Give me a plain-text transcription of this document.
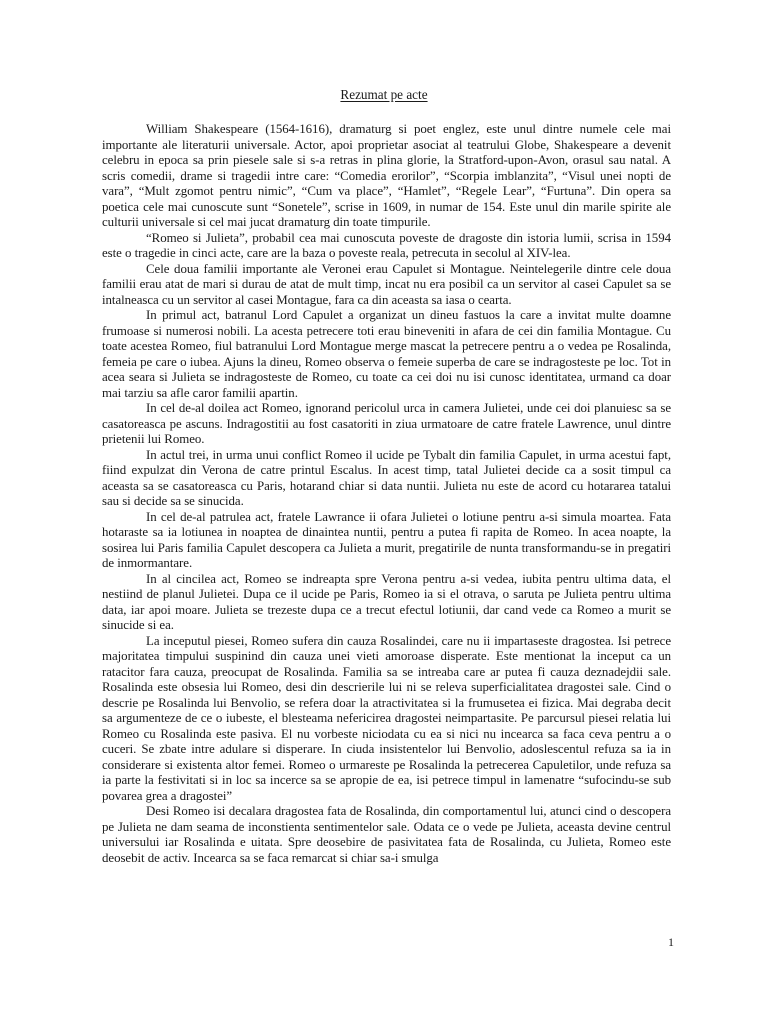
Rezumat pe acte

William Shakespeare (1564-1616), dramaturg si poet englez, este unul dintre numele cele mai importante ale literaturii universale. Actor, apoi proprietar asociat al teatrului Globe, Shakespeare a devenit celebru in epoca sa prin piesele sale si s-a retras in plina glorie, la Stratford-upon-Avon, orasul sau natal. A scris comedii, drame si tragedii intre care: “Comedia erorilor”, “Scorpia imblanzita”, “Visul unei nopti de vara”, “Mult zgomot pentru nimic”, “Cum va place”, “Hamlet”, “Regele Lear”, “Furtuna”. Din opera sa poetica cele mai cunoscute sunt “Sonetele”, scrise in 1609, in numar de 154. Este unul din marile spirite ale culturii universale si cel mai jucat dramaturg din toate timpurile.

“Romeo si Julieta”, probabil cea mai cunoscuta poveste de dragoste din istoria lumii, scrisa in 1594 este o tragedie in cinci acte, care are la baza o poveste reala, petrecuta in secolul al XIV-lea.

Cele doua familii importante ale Veronei erau Capulet si Montague. Neintelegerile dintre cele doua familii erau atat de mari si durau de atat de mult timp, incat nu era posibil ca un servitor al casei Capulet sa se intalneasca cu un servitor al casei Montague, fara ca din aceasta sa iasa o cearta.

In primul act, batranul Lord Capulet a organizat un dineu fastuos la care a invitat multe doamne frumoase si numerosi nobili. La acesta petrecere toti erau bineveniti in afara de cei din familia Montague. Cu toate acestea Romeo, fiul batranului Lord Montague merge mascat la petrecere pentru a o vedea pe Rosalinda, femeia pe care o iubea. Ajuns la dineu, Romeo observa o femeie superba de care se indragosteste pe loc. Tot in acea seara si Julieta se indragosteste de Romeo, cu toate ca cei doi nu isi cunosc identitatea, urmand ca doar mai tarziu sa afle caror familii apartin.

In cel de-al doilea act Romeo, ignorand pericolul urca in camera Julietei, unde cei doi planuiesc sa se casatoreasca pe ascuns. Indragostitii au fost casatoriti in ziua urmatoare de catre fratele Lawrence, unul dintre prietenii lui Romeo.

In actul trei, in urma unui conflict Romeo il ucide pe Tybalt din familia Capulet, in urma acestui fapt, fiind expulzat din Verona de catre printul Escalus. In acest timp, tatal Julietei decide ca a sosit timpul ca aceasta sa se casatoreasca cu Paris, hotarand chiar si data nuntii. Julieta nu este de acord cu hotararea tatalui sau si decide sa se sinucida.

In cel de-al patrulea act, fratele Lawrance ii ofara Julietei o lotiune pentru a-si simula moartea. Fata hotaraste sa ia lotiunea in noaptea de dinaintea nuntii, pentru a putea fi rapita de Romeo. In acea noapte, la sosirea lui Paris familia Capulet descopera ca Julieta a murit, pregatirile de nunta transformandu-se in pregatiri de inmormantare.

In al cincilea act, Romeo se indreapta spre Verona pentru a-si vedea, iubita pentru ultima data, el nestiind de planul Julietei. Dupa ce il ucide pe Paris, Romeo ia si el otrava, o saruta pe Julieta pentru ultima data, iar apoi moare. Julieta se trezeste dupa ce a trecut efectul lotiunii, dar cand vede ca Romeo a murit se sinucide si ea.

La inceputul piesei, Romeo sufera din cauza Rosalindei, care nu ii impartaseste dragostea. Isi petrece majoritatea timpului suspinind din cauza unei vieti amoroase disperate. Este mentionat la inceput ca un ratacitor fara cauza, preocupat de Rosalinda. Familia sa se intreaba care ar putea fi cauza deznadejdii sale. Rosalinda este obsesia lui Romeo, desi din descrierile lui ni se releva superficialitatea dragostei sale. Cind o descrie pe Rosalinda lui Benvolio, se refera doar la atractivitatea si la frumusetea ei fizica. Mai degraba decit sa argumenteze de ce o iubeste, el blesteama nefericirea dragostei neimpartasite. Pe parcursul piesei relatia lui Romeo cu Rosalinda este pasiva. El nu vorbeste niciodata cu ea si nici nu incearca sa faca ceva pentru a o cuceri. Se zbate intre adulare si disperare. In ciuda insistentelor lui Benvolio, adoslescentul refuza sa ia in considerare si existenta altor femei. Romeo o urmareste pe Rosalinda la petrecerea Capuletilor, unde refuza sa ia parte la festivitati si in loc sa incerce sa se apropie de ea, isi petrece timpul in lamenatre “sufocindu-se sub povarea grea a dragostei”

Desi Romeo isi decalara dragostea fata de Rosalinda, din comportamentul lui, atunci cind o descopera pe Julieta ne dam seama de inconstienta sentimentelor sale. Odata ce o vede pe Julieta, aceasta devine centrul universului iar Rosalinda e uitata. Spre deosebire de pasivitatea fata de Rosalinda, cu Julieta, Romeo este deosebit de activ. Incearca sa se faca remarcat si chiar sa-i smulga

1
